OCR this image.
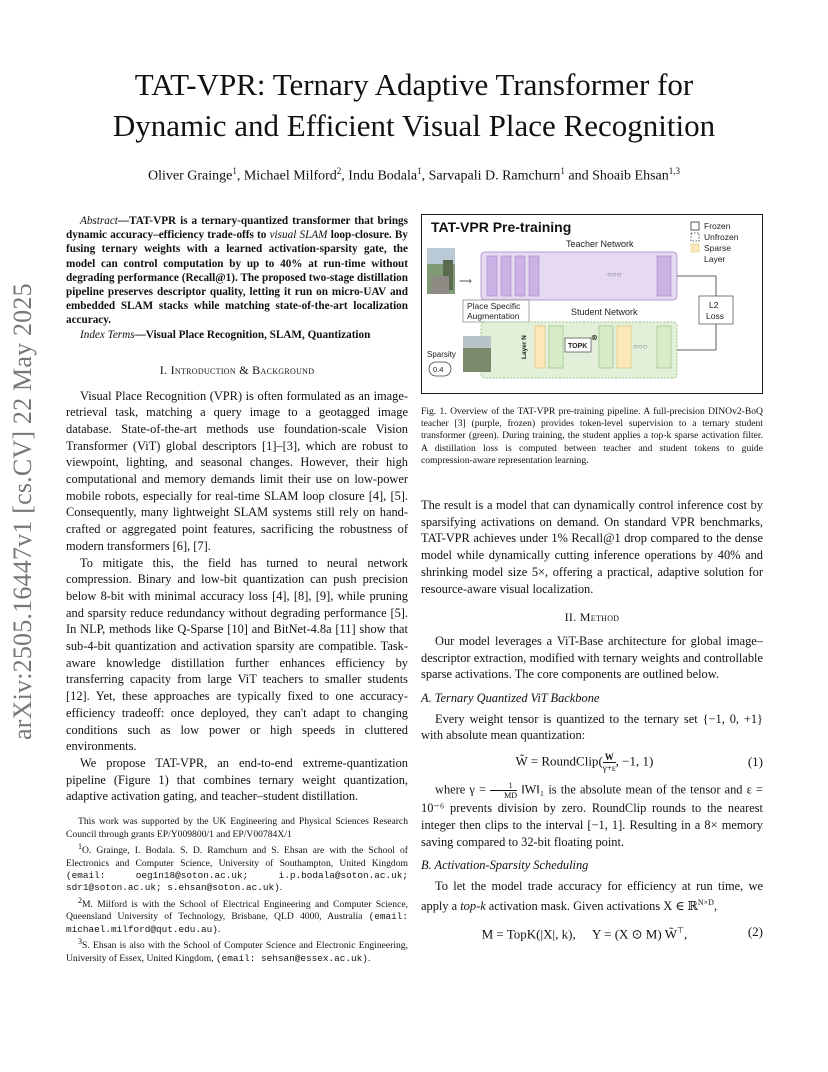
arXiv:2505.16447v1 [cs.CV] 22 May 2025
TAT-VPR: Ternary Adaptive Transformer for
Dynamic and Efficient Visual Place Recognition
Oliver Grainge$^1$, Michael Milford$^2$, Indu Bodala$^1$, Sarvapali D. Ramchurn$^1$ and Shoaib Ehsan$^{1,3}$

Abstract—TAT-VPR is a ternary-quantized transformer that brings dynamic accuracy–efficiency trade-offs to visual SLAM loop-closure. By fusing ternary weights with a learned activation-sparsity gate, the model can control computation by up to 40% at run-time without degrading performance (Recall@1). The proposed two-stage distillation pipeline preserves descriptor quality, letting it run on micro-UAV and embedded SLAM stacks while matching state-of-the-art localization accuracy.

Index Terms—Visual Place Recognition, SLAM, Quantization

I. Introduction & Background

Visual Place Recognition (VPR) is often formulated as an image-retrieval task, matching a query image to a geotagged image database. State-of-the-art methods use foundation-scale Vision Transformer (ViT) global descriptors [1]–[3], which are robust to viewpoint, lighting, and seasonal changes. However, their high computational and memory demands limit their use on low-power mobile robots, especially for real-time SLAM loop closure [4], [5]. Consequently, many lightweight SLAM systems still rely on hand-crafted or aggregated point features, sacrificing the robustness of modern transformers [6], [7].

To mitigate this, the field has turned to neural network compression. Binary and low-bit quantization can push precision below 8-bit with minimal accuracy loss [4], [8], [9], while pruning and sparsity reduce redundancy without degrading performance [5]. In NLP, methods like Q-Sparse [10] and BitNet-4.8a [11] show that sub-4-bit quantization and activation sparsity are compatible. Task-aware knowledge distillation further enhances efficiency by transferring capacity from large ViT teachers to smaller students [12]. Yet, these approaches are typically fixed to one accuracy-efficiency tradeoff: once deployed, they can't adapt to changing conditions such as low power or high speeds in cluttered environments.

We propose TAT-VPR, an end-to-end extreme-quantization pipeline (Figure 1) that combines ternary weight quantization, adaptive activation gating, and teacher–student distillation.

This work was supported by the UK Engineering and Physical Sciences Research Council through grants EP/Y009800/1 and EP/V00784X/1

$^1$O. Grainge, I. Bodala. S. D. Ramchurn and S. Ehsan are with the School of Electronics and Computer Science, University of Southampton, United Kingdom (email: oeg1n18@soton.ac.uk; i.p.bodala@soton.ac.uk; sdr1@soton.ac.uk; s.ehsan@soton.ac.uk).

$^2$M. Milford is with the School of Electrical Engineering and Computer Science, Queensland University of Technology, Brisbane, QLD 4000, Australia (email: michael.milford@qut.edu.au).

$^3$S. Ehsan is also with the School of Computer Science and Electronic Engineering, University of Essex, United Kingdom, (email: sehsan@essex.ac.uk).

TAT-VPR Pre-training	Frozen
Unfrozen
Sparse
Layer
⟶
Teacher Network
○○○
Place Specific
Augmentation	Student Network
TOPK
⊗
○○○
Layer N
Sparsity
0.4
L2
Loss

Fig. 1. Overview of the TAT-VPR pre-training pipeline. A full-precision DINOv2-BoQ teacher [3] (purple, frozen) provides token-level supervision to a ternary student transformer (green). During training, the student applies a top-k sparse activation filter. A distillation loss is computed between teacher and student tokens to guide compression-aware representation learning.

The result is a model that can dynamically control inference cost by sparsifying activations on demand. On standard VPR benchmarks, TAT-VPR achieves under 1% Recall@1 drop compared to the dense model while dynamically cutting inference operations by 40% and shrinking model size 5×, offering a practical, adaptive solution for resource-aware visual localization.

II. Method

Our model leverages a ViT-Base architecture for global image–descriptor extraction, modified with ternary weights and controllable sparse activations. The core components are outlined below.

A. Ternary Quantized ViT Backbone

Every weight tensor is quantized to the ternary set {−1, 0, +1} with absolute mean quantization:

W̃ = RoundClip( $\frac{W}{\gamma+\varepsilon}$ , −1, 1)	(1)

where $\gamma = \frac{1}{MD}$ ‖W‖₁ is the absolute mean of the tensor and ε = 10⁻⁶ prevents division by zero. RoundClip rounds to the nearest integer then clips to the interval [−1, 1]. Resulting in a 8× memory saving compared to 32-bit floating point.

B. Activation-Sparsity Scheduling

To let the model trade accuracy for efficiency at run time, we apply a top-k activation mask. Given activations X ∈ ℝ$^{N\times D}$,

M = TopK(|X|, k), Y = (X ⊙ M) W̃⊤,	(2)
